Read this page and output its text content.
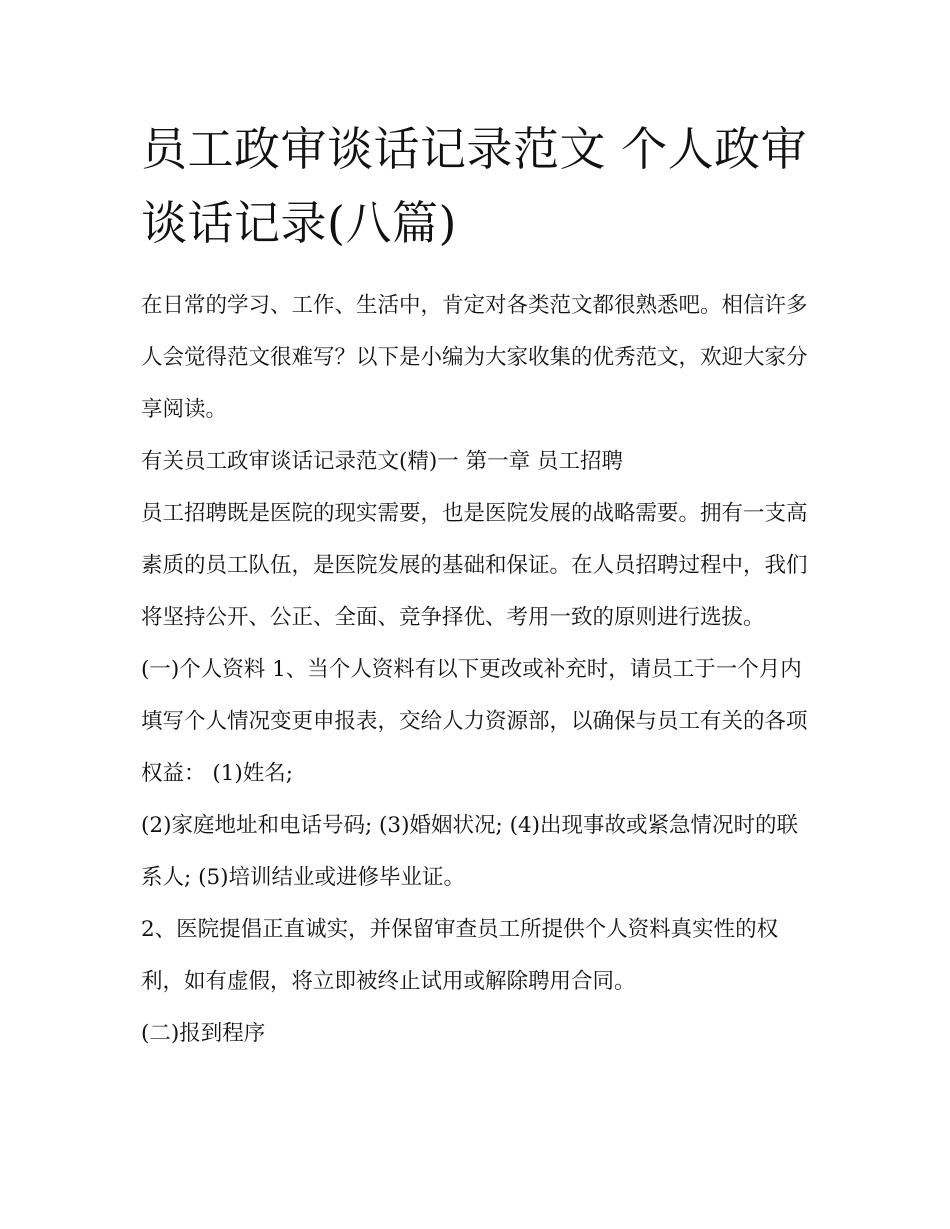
员工政审谈话记录范文 个人政审谈话记录(八篇)

在日常的学习、工作、生活中，肯定对各类范文都很熟悉吧。相信许多人会觉得范文很难写？以下是小编为大家收集的优秀范文，欢迎大家分享阅读。

有关员工政审谈话记录范文(精)一 第一章 员工招聘

员工招聘既是医院的现实需要，也是医院发展的战略需要。拥有一支高素质的员工队伍，是医院发展的基础和保证。在人员招聘过程中，我们将坚持公开、公正、全面、竞争择优、考用一致的原则进行选拔。

(一)个人资料 1、当个人资料有以下更改或补充时，请员工于一个月内填写个人情况变更申报表，交给人力资源部，以确保与员工有关的各项权益： (1)姓名;

(2)家庭地址和电话号码; (3)婚姻状况; (4)出现事故或紧急情况时的联系人; (5)培训结业或进修毕业证。

2、医院提倡正直诚实，并保留审查员工所提供个人资料真实性的权利，如有虚假，将立即被终止试用或解除聘用合同。

(二)报到程序
